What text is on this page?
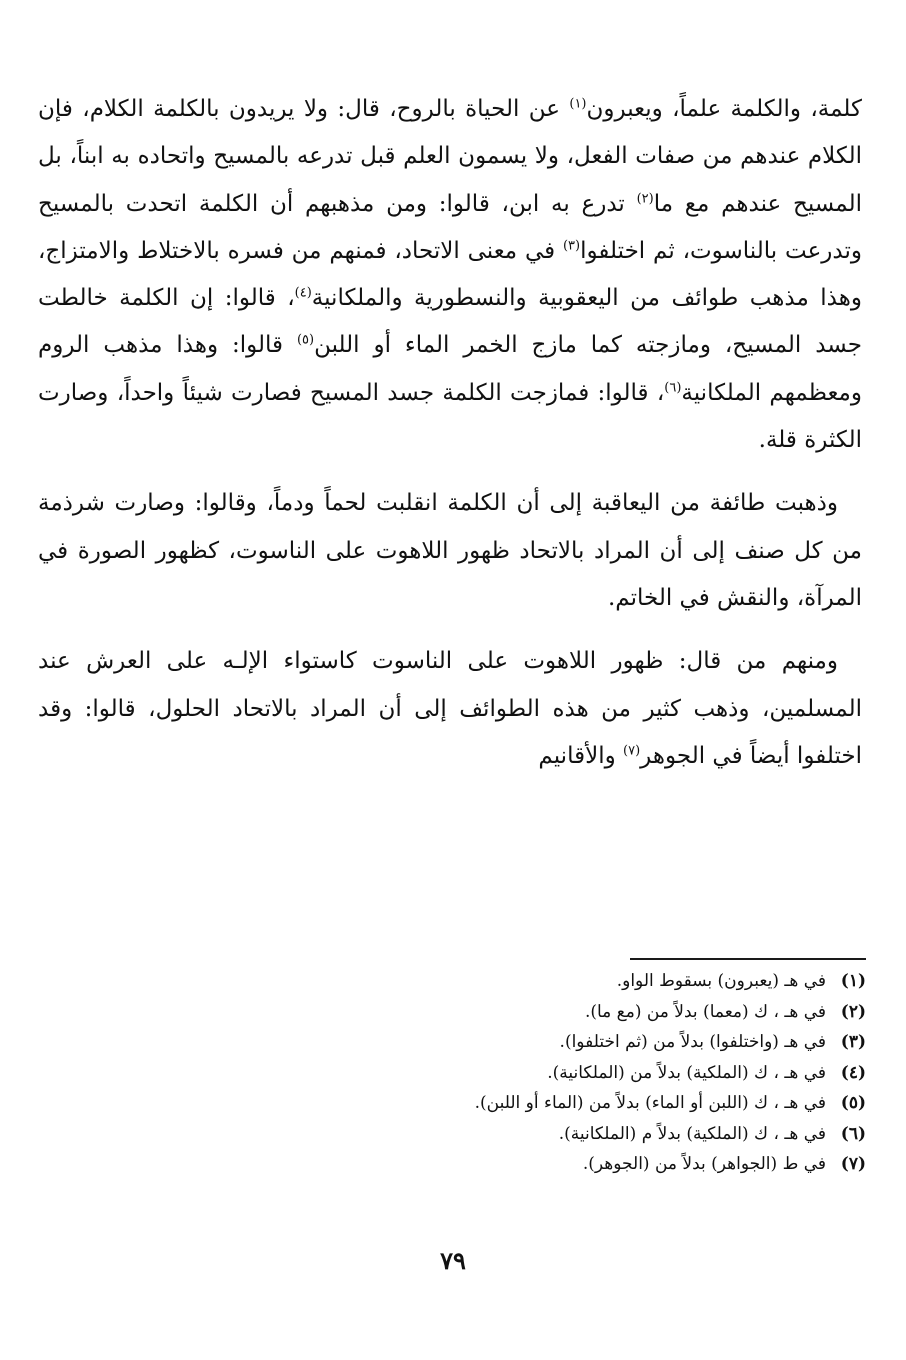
كلمة، والكلمة علماً، ويعبرون$^{(١)}$ عن الحياة بالروح، قال: ولا يريدون بالكلمة الكلام، فإن الكلام عندهم من صفات الفعل، ولا يسمون العلم قبل تدرعه بالمسيح واتحاده به ابناً، بل المسيح عندهم مع ما$^{(٢)}$ تدرع به ابن، قالوا: ومن مذهبهم أن الكلمة اتحدت بالمسيح وتدرعت بالناسوت، ثم اختلفوا$^{(٣)}$ في معنى الاتحاد، فمنهم من فسره بالاختلاط والامتزاج، وهذا مذهب طوائف من اليعقوبية والنسطورية والملكانية$^{(٤)}$، قالوا: إن الكلمة خالطت جسد المسيح، ومازجته كما مازج الخمر الماء أو اللبن$^{(٥)}$ قالوا: وهذا مذهب الروم ومعظمهم الملكانية$^{(٦)}$، قالوا: فمازجت الكلمة جسد المسيح فصارت شيئاً واحداً، وصارت الكثرة قلة.

وذهبت طائفة من اليعاقبة إلى أن الكلمة انقلبت لحماً ودماً، وقالوا: وصارت شرذمة من كل صنف إلى أن المراد بالاتحاد ظهور اللاهوت على الناسوت، كظهور الصورة في المرآة، والنقش في الخاتم.

ومنهم من قال: ظهور اللاهوت على الناسوت كاستواء الإلـه على العرش عند المسلمين، وذهب كثير من هذه الطوائف إلى أن المراد بالاتحاد الحلول، قالوا: وقد اختلفوا أيضاً في الجوهر$^{(٧)}$ والأقانيم

(١)في هـ (يعبرون) بسقوط الواو.
(٢)في هـ ، ك (معما) بدلاً من (مع ما).
(٣)في هـ (واختلفوا) بدلاً من (ثم اختلفوا).
(٤)في هـ ، ك (الملكية) بدلاً من (الملكانية).
(٥)في هـ ، ك (اللبن أو الماء) بدلاً من (الماء أو اللبن).
(٦)في هـ ، ك (الملكية) بدلاً م (الملكانية).
(٧)في ط (الجواهر) بدلاً من (الجوهر).
٧٩
